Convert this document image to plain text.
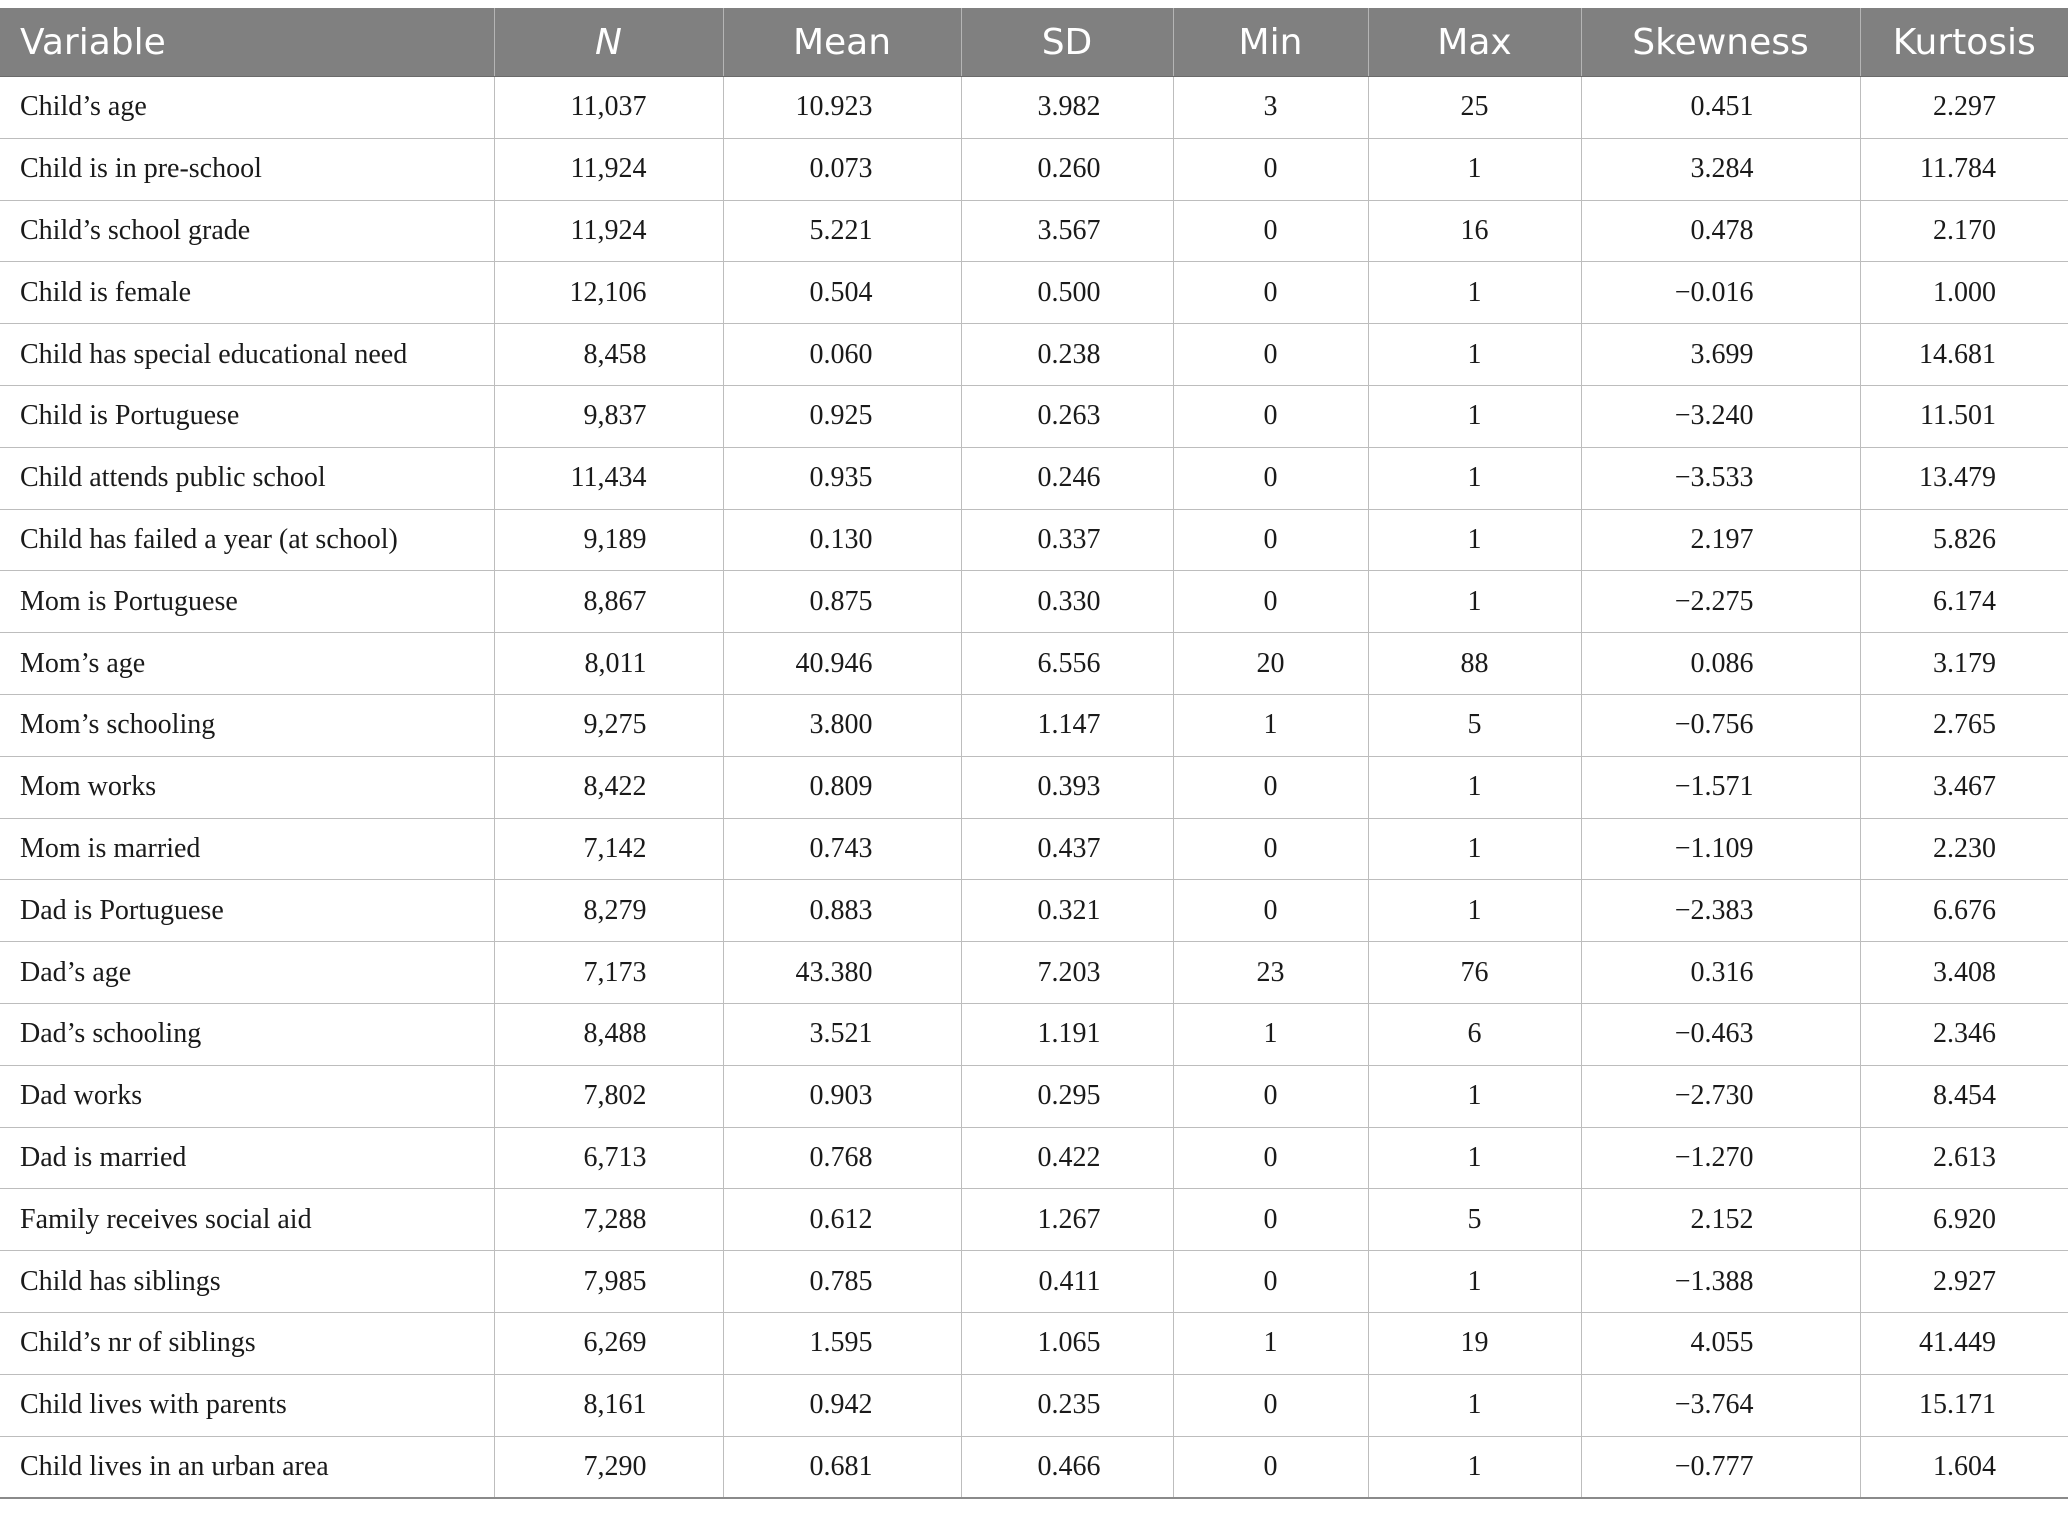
Variable	N	Mean	SD	Min	Max	Skewness	Kurtosis
Child’s age	11,037	10.923	3.982	3	25	0.451	2.297
Child is in pre-school	11,924	0.073	0.260	0	1	3.284	11.784
Child’s school grade	11,924	5.221	3.567	0	16	0.478	2.170
Child is female	12,106	0.504	0.500	0	1	−0.016	1.000
Child has special educational need	8,458	0.060	0.238	0	1	3.699	14.681
Child is Portuguese	9,837	0.925	0.263	0	1	−3.240	11.501
Child attends public school	11,434	0.935	0.246	0	1	−3.533	13.479
Child has failed a year (at school)	9,189	0.130	0.337	0	1	2.197	5.826
Mom is Portuguese	8,867	0.875	0.330	0	1	−2.275	6.174
Mom’s age	8,011	40.946	6.556	20	88	0.086	3.179
Mom’s schooling	9,275	3.800	1.147	1	5	−0.756	2.765
Mom works	8,422	0.809	0.393	0	1	−1.571	3.467
Mom is married	7,142	0.743	0.437	0	1	−1.109	2.230
Dad is Portuguese	8,279	0.883	0.321	0	1	−2.383	6.676
Dad’s age	7,173	43.380	7.203	23	76	0.316	3.408
Dad’s schooling	8,488	3.521	1.191	1	6	−0.463	2.346
Dad works	7,802	0.903	0.295	0	1	−2.730	8.454
Dad is married	6,713	0.768	0.422	0	1	−1.270	2.613
Family receives social aid	7,288	0.612	1.267	0	5	2.152	6.920
Child has siblings	7,985	0.785	0.411	0	1	−1.388	2.927
Child’s nr of siblings	6,269	1.595	1.065	1	19	4.055	41.449
Child lives with parents	8,161	0.942	0.235	0	1	−3.764	15.171
Child lives in an urban area	7,290	0.681	0.466	0	1	−0.777	1.604
